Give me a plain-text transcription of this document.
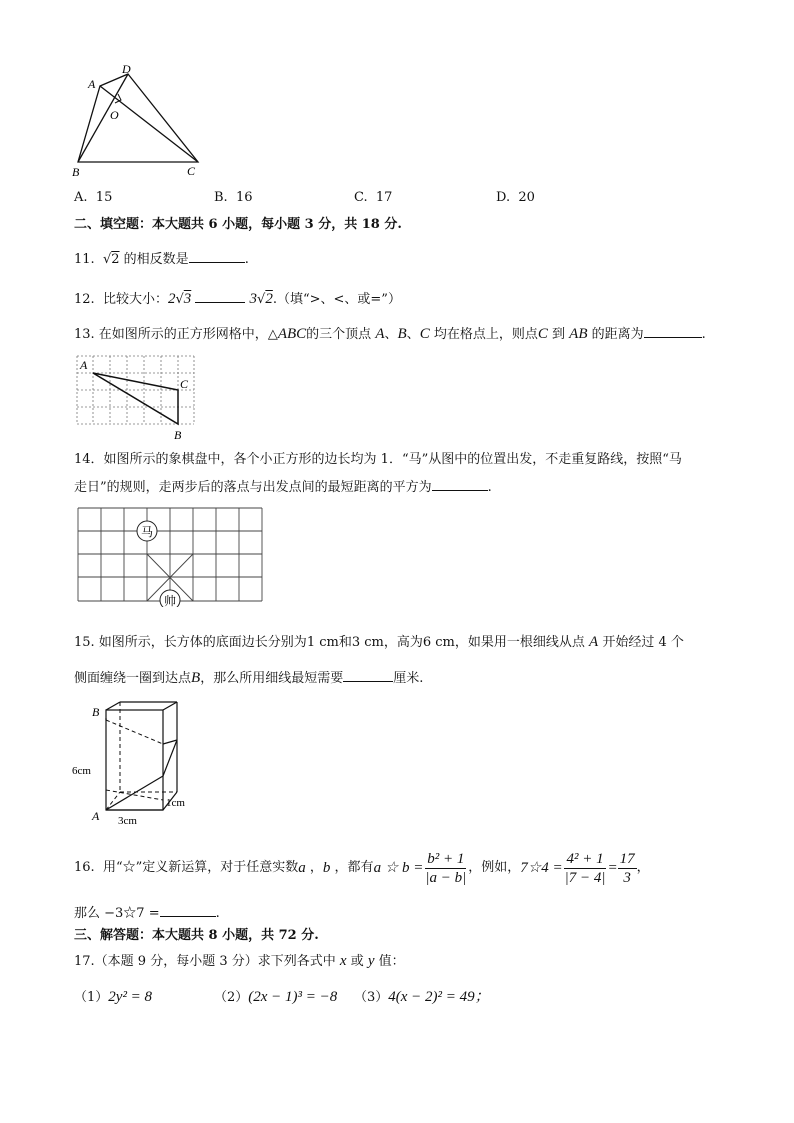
A
D
O
B	C
A. 15	B. 16	C. 17	D. 20
二、填空题：本大题共 6 小题，每小题 3 分，共 18 分.
11.  √2 的相反数是	.
12. 比较大小：2√3	3√2.（填“>、<、或=”）
13. 在如图所示的正方形网格中，△ABC的三个顶点 A、B、C 均在格点上，则点C 到 AB 的距离为	.
A
C
B
14．如图所示的象棋盘中，各个小正方形的边长均为 1．“马”从图中的位置出发，不走重复路线，按照“马
走日”的规则，走两步后的落点与出发点间的最短距离的平方为	.
马
帅
15. 如图所示，长方体的底面边长分别为1 cm和3 cm，高为6 cm，如果用一根细线从点 A 开始经过 4 个
侧面缠绕一圈到达点B，那么所用细线最短需要	厘米.
B
A
6cm
3cm
1cm
16.
用“☆”定义新运算，对于任意实数 a
， b
，都有 a ☆ $b = \frac{\text{b² + 1}}{|a - b|}$ ，例如， 7☆4 = $\frac{\text{4² + 1}}{|7 - 4|} = \frac{17}{3}$ ，
那么 −3☆7 =	.
三、解答题：本大题共 8 小题，共 72 分.
17.（本题 9 分，每小题 3 分）求下列各式中 x 或 y 值：
（1）2y² = 8	（2）(2x − 1)³ = −8 （3）4(x − 2)² = 49；
